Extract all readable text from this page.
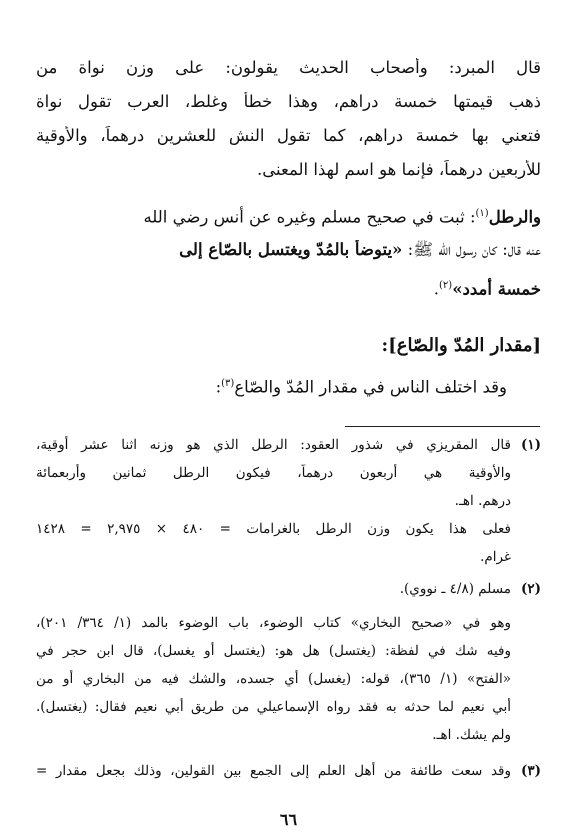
قال المبرد: وأصحاب الحديث يقولون: على وزن نواة من
ذهب قيمتها خمسة دراهم، وهذا خطأ وغلط، العرب تقول نواة
فتعني بها خمسة دراهم، كما تقول النش للعشرين درهماً، والأوقية
للأربعين درهماً، فإنما هو اسم لهذا المعنى.
والرطل$^{(١)}$: ثبت في صحيح مسلم وغيره عن أنس رضي الله
عنه قال: كان رسول الله ﷺ: «يتوضأ بالمُدّ ويغتسل بالصّاع إلى
خمسة أمدد»$^{(٢)}$.
[مقدار المُدّ والصّاع]:
وقد اختلف الناس في مقدار المُدّ والصّاع$^{(٣)}$:
(١)
قال المقريزي في شذور العقود: الرطل الذي هو وزنه اثنا عشر أوقية،
والأوقية هي أربعون درهماً، فيكون الرطل ثمانين وأربعمائة
درهم. اهـ.
فعلى هذا يكون وزن الرطل بالغرامات = ٤٨٠ × ٢,٩٧٥ = ١٤٢٨
غرام.
(٢)
مسلم (٤/٨ ـ نووي).
وهو في «صحيح البخاري» كتاب الوضوء، باب الوضوء بالمد (١/ ٣٦٤/ ٢٠١)،
وفيه شك في لفظة: (يغتسل) هل هو: (يغتسل أو يغسل)، قال ابن حجر في
«الفتح» (١/ ٣٦٥)، قوله: (يغسل) أي جسده، والشك فيه من البخاري أو من
أبي نعيم لما حدثه به فقد رواه الإسماعيلي من طريق أبي نعيم فقال: (يغتسل).
ولم يشك. اهـ.
(٣)
وقد سعت طائفة من أهل العلم إلى الجمع بين القولين، وذلك بجعل مقدار =
٦٦
